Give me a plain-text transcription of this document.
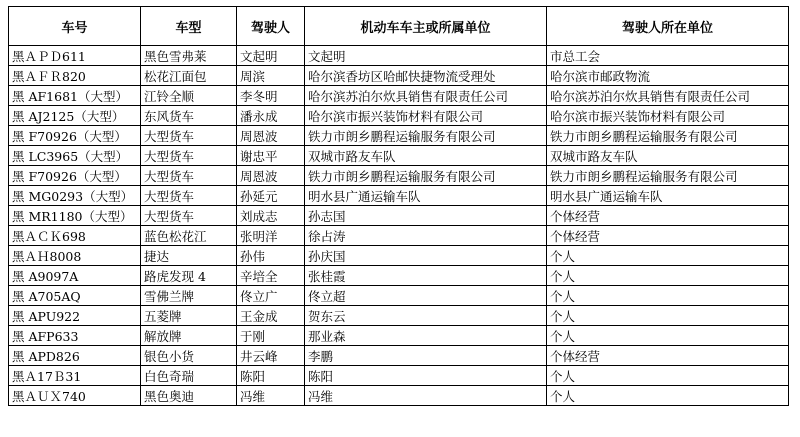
车号	车型	驾驶人	机动车车主或所属单位	驾驶人所在单位
黑ＡＰＤ611	黑色雪弗莱	文起明	文起明	市总工会
黑ＡＦＲ820	松花江面包	周滨	哈尔滨香坊区哈邮快捷物流受理处	哈尔滨市邮政物流
黑 AF1681（大型）	江铃全顺	李冬明	哈尔滨苏泊尔炊具销售有限责任公司	哈尔滨苏泊尔炊具销售有限责任公司
黑 AJ2125（大型）	东风货车	潘永成	哈尔滨市振兴装饰材料有限公司	哈尔滨市振兴装饰材料有限公司
黑 F70926（大型）	大型货车	周恩波	铁力市朗乡鹏程运输服务有限公司	铁力市朗乡鹏程运输服务有限公司
黑 LC3965（大型）	大型货车	谢忠平	双城市路友车队	双城市路友车队
黑 F70926（大型）	大型货车	周恩波	铁力市朗乡鹏程运输服务有限公司	铁力市朗乡鹏程运输服务有限公司
黑 MG0293（大型）	大型货车	孙延元	明水县广通运输车队	明水县广通运输车队
黑 MR1180（大型）	大型货车	刘成志	孙志国	个体经营
黑ＡＣＫ698	蓝色松花江	张明洋	徐占涛	个体经营
黑ＡＨ8008	捷达	孙伟	孙庆国	个人
黑 A9097A	路虎发现 4	辛培全	张桂霞	个人
黑 A705AQ	雪佛兰牌	佟立广	佟立超	个人
黑 APU922	五菱牌	王金成	贺东云	个人
黑 AFP633	解放牌	于刚	那业森	个人
黑 APD826	银色小货	井云峰	李鹏	个体经营
黑Ａ17Ｂ31	白色奇瑞	陈阳	陈阳	个人
黑ＡＵＸ740	黑色奥迪	冯维	冯维	个人
